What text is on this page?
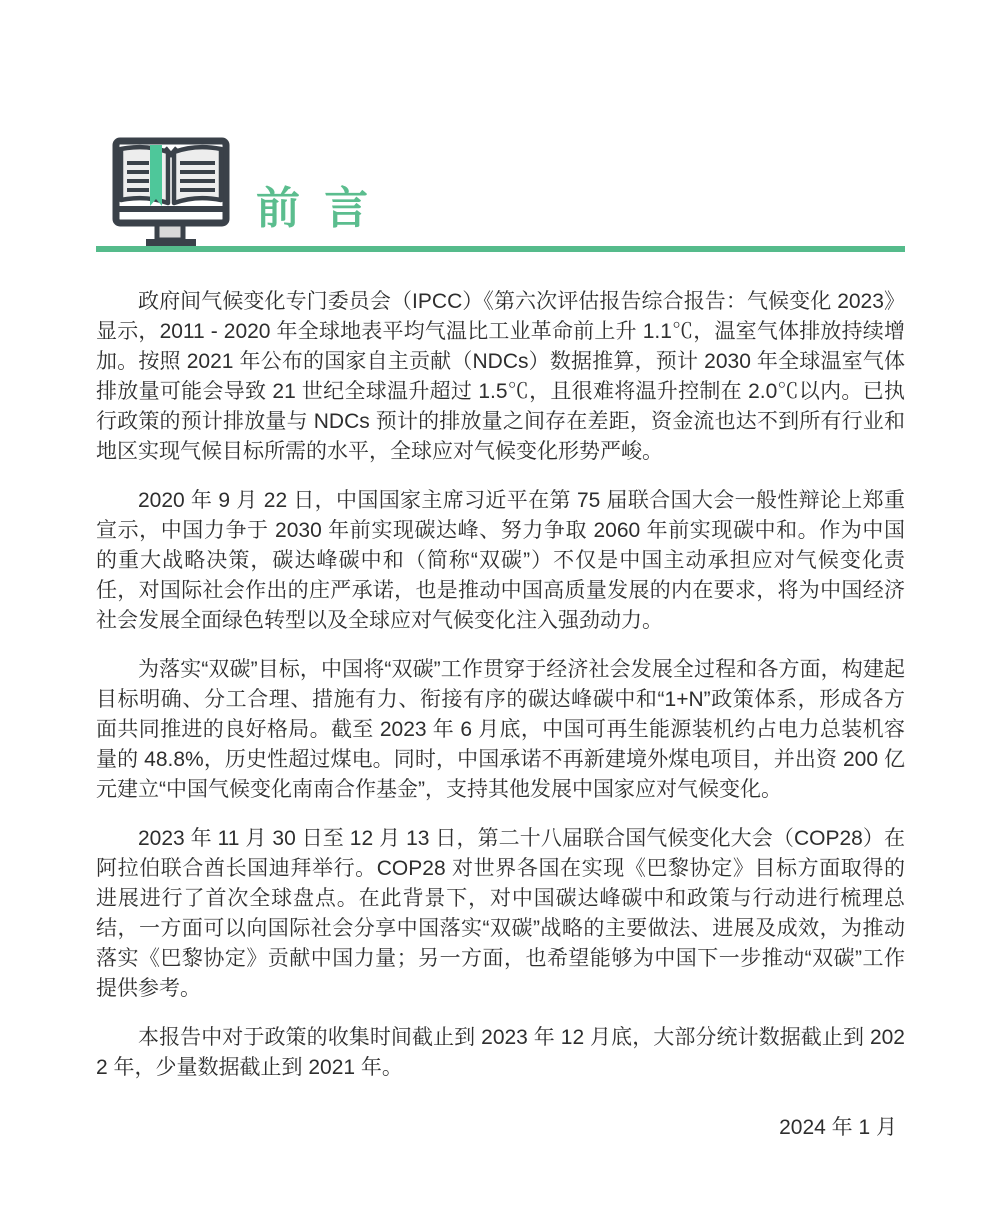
前 言

政府间气候变化专门委员会（IPCC）《第六次评估报告综合报告：气候变化 2023》显示，2011 - 2020 年全球地表平均气温比工业革命前上升 1.1℃，温室气体排放持续增加。按照 2021 年公布的国家自主贡献（NDCs）数据推算，预计 2030 年全球温室气体排放量可能会导致 21 世纪全球温升超过 1.5℃，且很难将温升控制在 2.0℃以内。已执行政策的预计排放量与 NDCs 预计的排放量之间存在差距，资金流也达不到所有行业和地区实现气候目标所需的水平，全球应对气候变化形势严峻。

2020 年 9 月 22 日，中国国家主席习近平在第 75 届联合国大会一般性辩论上郑重宣示，中国力争于 2030 年前实现碳达峰、努力争取 2060 年前实现碳中和。作为中国的重大战略决策，碳达峰碳中和（简称“双碳”）不仅是中国主动承担应对气候变化责任，对国际社会作出的庄严承诺，也是推动中国高质量发展的内在要求，将为中国经济社会发展全面绿色转型以及全球应对气候变化注入强劲动力。

为落实“双碳”目标，中国将“双碳”工作贯穿于经济社会发展全过程和各方面，构建起目标明确、分工合理、措施有力、衔接有序的碳达峰碳中和“1+N”政策体系，形成各方面共同推进的良好格局。截至 2023 年 6 月底，中国可再生能源装机约占电力总装机容量的 48.8%，历史性超过煤电。同时，中国承诺不再新建境外煤电项目，并出资 200 亿元建立“中国气候变化南南合作基金”，支持其他发展中国家应对气候变化。

2023 年 11 月 30 日至 12 月 13 日，第二十八届联合国气候变化大会（COP28）在阿拉伯联合酋长国迪拜举行。COP28 对世界各国在实现《巴黎协定》目标方面取得的进展进行了首次全球盘点。在此背景下，对中国碳达峰碳中和政策与行动进行梳理总结，一方面可以向国际社会分享中国落实“双碳”战略的主要做法、进展及成效，为推动落实《巴黎协定》贡献中国力量；另一方面，也希望能够为中国下一步推动“双碳”工作提供参考。

本报告中对于政策的收集时间截止到 2023 年 12 月底，大部分统计数据截止到 2022 年，少量数据截止到 2021 年。

2024 年 1 月
